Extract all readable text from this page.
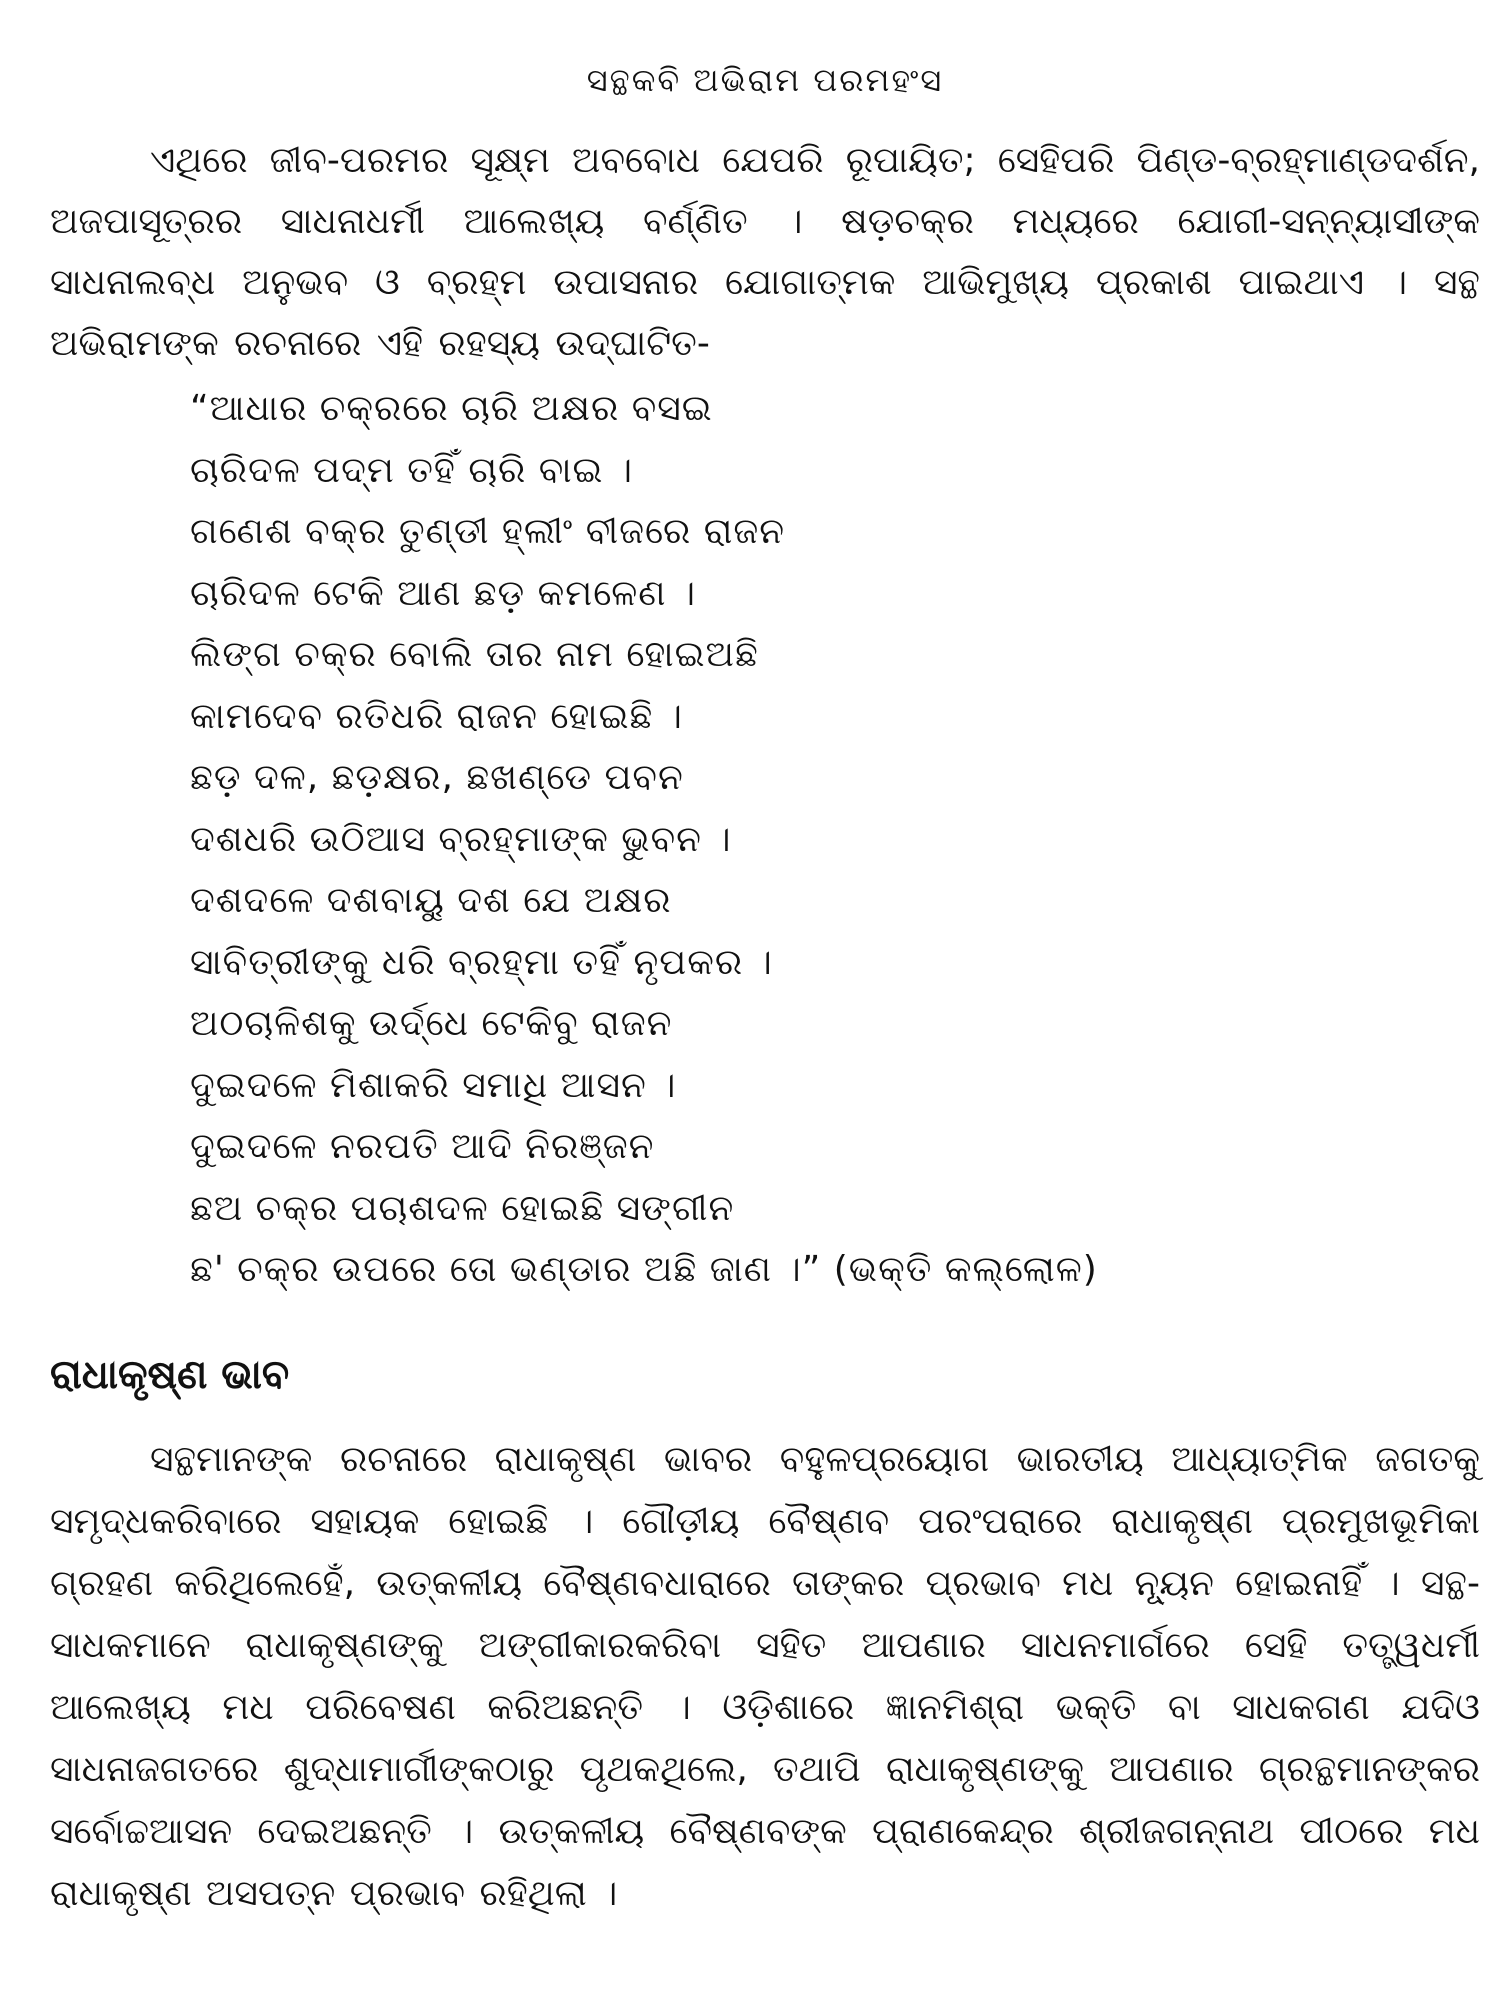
ସନ୍ଥକବି ଅଭିରାମ ପରମହଂସ

ଏଥିରେ ଜୀବ-ପରମର ସୂକ୍ଷ୍ମ ଅବବୋଧ ଯେପରି ରୂପାୟିତ; ସେହିପରି ପିଣ୍ଡ-ବ୍ରହ୍ମାଣ୍ଡଦର୍ଶନ, ଅଜପାସୂତ୍ରର ସାଧନାଧର୍ମୀ ଆଲେଖ୍ୟ ବର୍ଣ୍ଣିତ । ଷଡ଼ଚକ୍ର ମଧ୍ୟରେ ଯୋଗୀ-ସନ୍ନ୍ୟାସୀଙ୍କ ସାଧନାଲବ୍ଧ ଅନୁଭବ ଓ ବ୍ରହ୍ମ ଉପାସନାର ଯୋଗାତ୍ମକ ଆଭିମୁଖ୍ୟ ପ୍ରକାଶ ପାଇଥାଏ । ସନ୍ଥ ଅଭିରାମଙ୍କ ରଚନାରେ ଏହି ରହସ୍ୟ ଉଦ୍‌ଘାଟିତ-

“ଆଧାର ଚକ୍ରରେ ଚାରି ଅକ୍ଷର ବସଇ
ଚାରିଦଳ ପଦ୍ମ ତହିଁ ଚାରି ବାଇ ।
ଗଣେଶ ବକ୍ର ତୁଣ୍ଡୀ ହ୍ଲୀଂ ବୀଜରେ ରାଜନ
ଚାରିଦଳ ଟେକି ଆଣ ଛଡ଼ କମଳେଣ ।
ଲିଙ୍ଗ ଚକ୍ର ବୋଲି ତାର ନାମ ହୋଇଅଛି
କାମଦେବ ରତିଧରି ରାଜନ ହୋଇଛି ।
ଛଡ଼ ଦଳ, ଛଡ଼କ୍ଷର, ଛଖଣ୍ଡେ ପବନ
ଦଶଧରି ଉଠିଆସ ବ୍ରହ୍ମାଙ୍କ ଭୁବନ ।
ଦଶଦଳେ ଦଶବାୟୁ ଦଶ ଯେ ଅକ୍ଷର
ସାବିତ୍ରୀଙ୍କୁ ଧରି ବ୍ରହ୍ମା ତହିଁ ନୃପକର ।
ଅଠଚାଳିଶକୁ ଉର୍ଦ୍ଧେ ଟେକିବୁ ରାଜନ
ଦୁଇଦଳେ ମିଶାକରି ସମାଧି ଆସନ ।
ଦୁଇଦଳେ ନରପତି ଆଦି ନିରଞ୍ଜନ
ଛଅ ଚକ୍ର ପଚାଶଦଳ ହୋଇଛି ସଙ୍ଗୀନ
ଛ' ଚକ୍ର ଉପରେ ତୋ ଭଣ୍ଡାର ଅଛି ଜାଣ ।” (ଭକ୍ତି କଲ୍ଲୋଳ)
ରାଧାକୃଷ୍ଣ ଭାବ

ସନ୍ଥମାନଙ୍କ ରଚନାରେ ରାଧାକୃଷ୍ଣ ଭାବର ବହୁଳପ୍ରୟୋଗ ଭାରତୀୟ ଆଧ୍ୟାତ୍ମିକ ଜଗତକୁ ସମୃଦ୍ଧକରିବାରେ ସହାୟକ ହୋଇଛି । ଗୌଡ଼ୀୟ ବୈଷ୍ଣବ ପରଂପରାରେ ରାଧାକୃଷ୍ଣ ପ୍ରମୁଖଭୂମିକା ଗ୍ରହଣ କରିଥିଲେହେଁ, ଉତ୍କଳୀୟ ବୈଷ୍ଣବଧାରାରେ ତାଙ୍କର ପ୍ରଭାବ ମଧ ନ୍ୟୂନ ହୋଇନାହିଁ । ସନ୍ଥ-ସାଧକମାନେ ରାଧାକୃଷ୍ଣଙ୍କୁ ଅଙ୍ଗୀକାରକରିବା ସହିତ ଆପଣାର ସାଧନମାର୍ଗରେ ସେହି ତତ୍ତ୍ୱଧର୍ମୀ ଆଲେଖ୍ୟ ମଧ ପରିବେଷଣ କରିଅଛନ୍ତି । ଓଡ଼ିଶାରେ ଜ୍ଞାନମିଶ୍ରା ଭକ୍ତି ବା ସାଧକଗଣ ଯଦିଓ ସାଧନାଜଗତରେ ଶୁଦ୍ଧାମାର୍ଗୀଙ୍କଠାରୁ ପୃଥକଥିଲେ, ତଥାପି ରାଧାକୃଷ୍ଣଙ୍କୁ ଆପଣାର ଗ୍ରନ୍ଥମାନଙ୍କର ସର୍ବୋଚ୍ଚଆସନ ଦେଇଅଛନ୍ତି । ଉତ୍କଳୀୟ ବୈଷ୍ଣବଙ୍କ ପ୍ରାଣକେନ୍ଦ୍ର ଶ୍ରୀଜଗନ୍ନାଥ ପୀଠରେ ମଧ ରାଧାକୃଷ୍ଣ ଅସପତ୍ନ ପ୍ରଭାବ ରହିଥିଲା ।
